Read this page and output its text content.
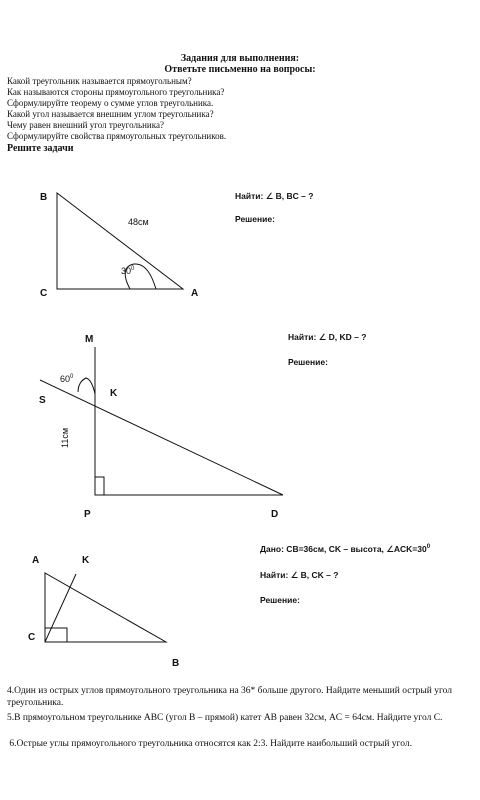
Задания для выполнения:
Ответьте письменно на вопросы:
Какой треугольник называется прямоугольным?
Как называются стороны прямоугольного треугольника?
Сформулируйте теорему о сумме углов треугольника.
Какой угол называется внешним углом треугольника?
Чему равен внешний угол треугольника?
Сформулируйте свойства прямоугольных треугольников.
Решите задачи
B
C	A
48см
$30^0$
Найти: ∠ B, BC – ?
Решение:
M
K
S
P	D
$60^0$
11см
Найти: ∠ D, KD – ?
Решение:
A	K
C
B
Дано: CB=36см, CK – высота, $\angle ACK=30^0$
Найти: ∠ B, CK – ?
Решение:
4.Один из острых углов прямоугольного треугольника на 36* больше другого. Найдите меньший острый угол треугольника.
5.В прямоугольном треугольнике ABC (угол B – прямой) катет AB равен 32см, AC = 64см. Найдите угол C.
6.Острые углы прямоугольного треугольника относятся как 2:3. Найдите наибольший острый угол.
